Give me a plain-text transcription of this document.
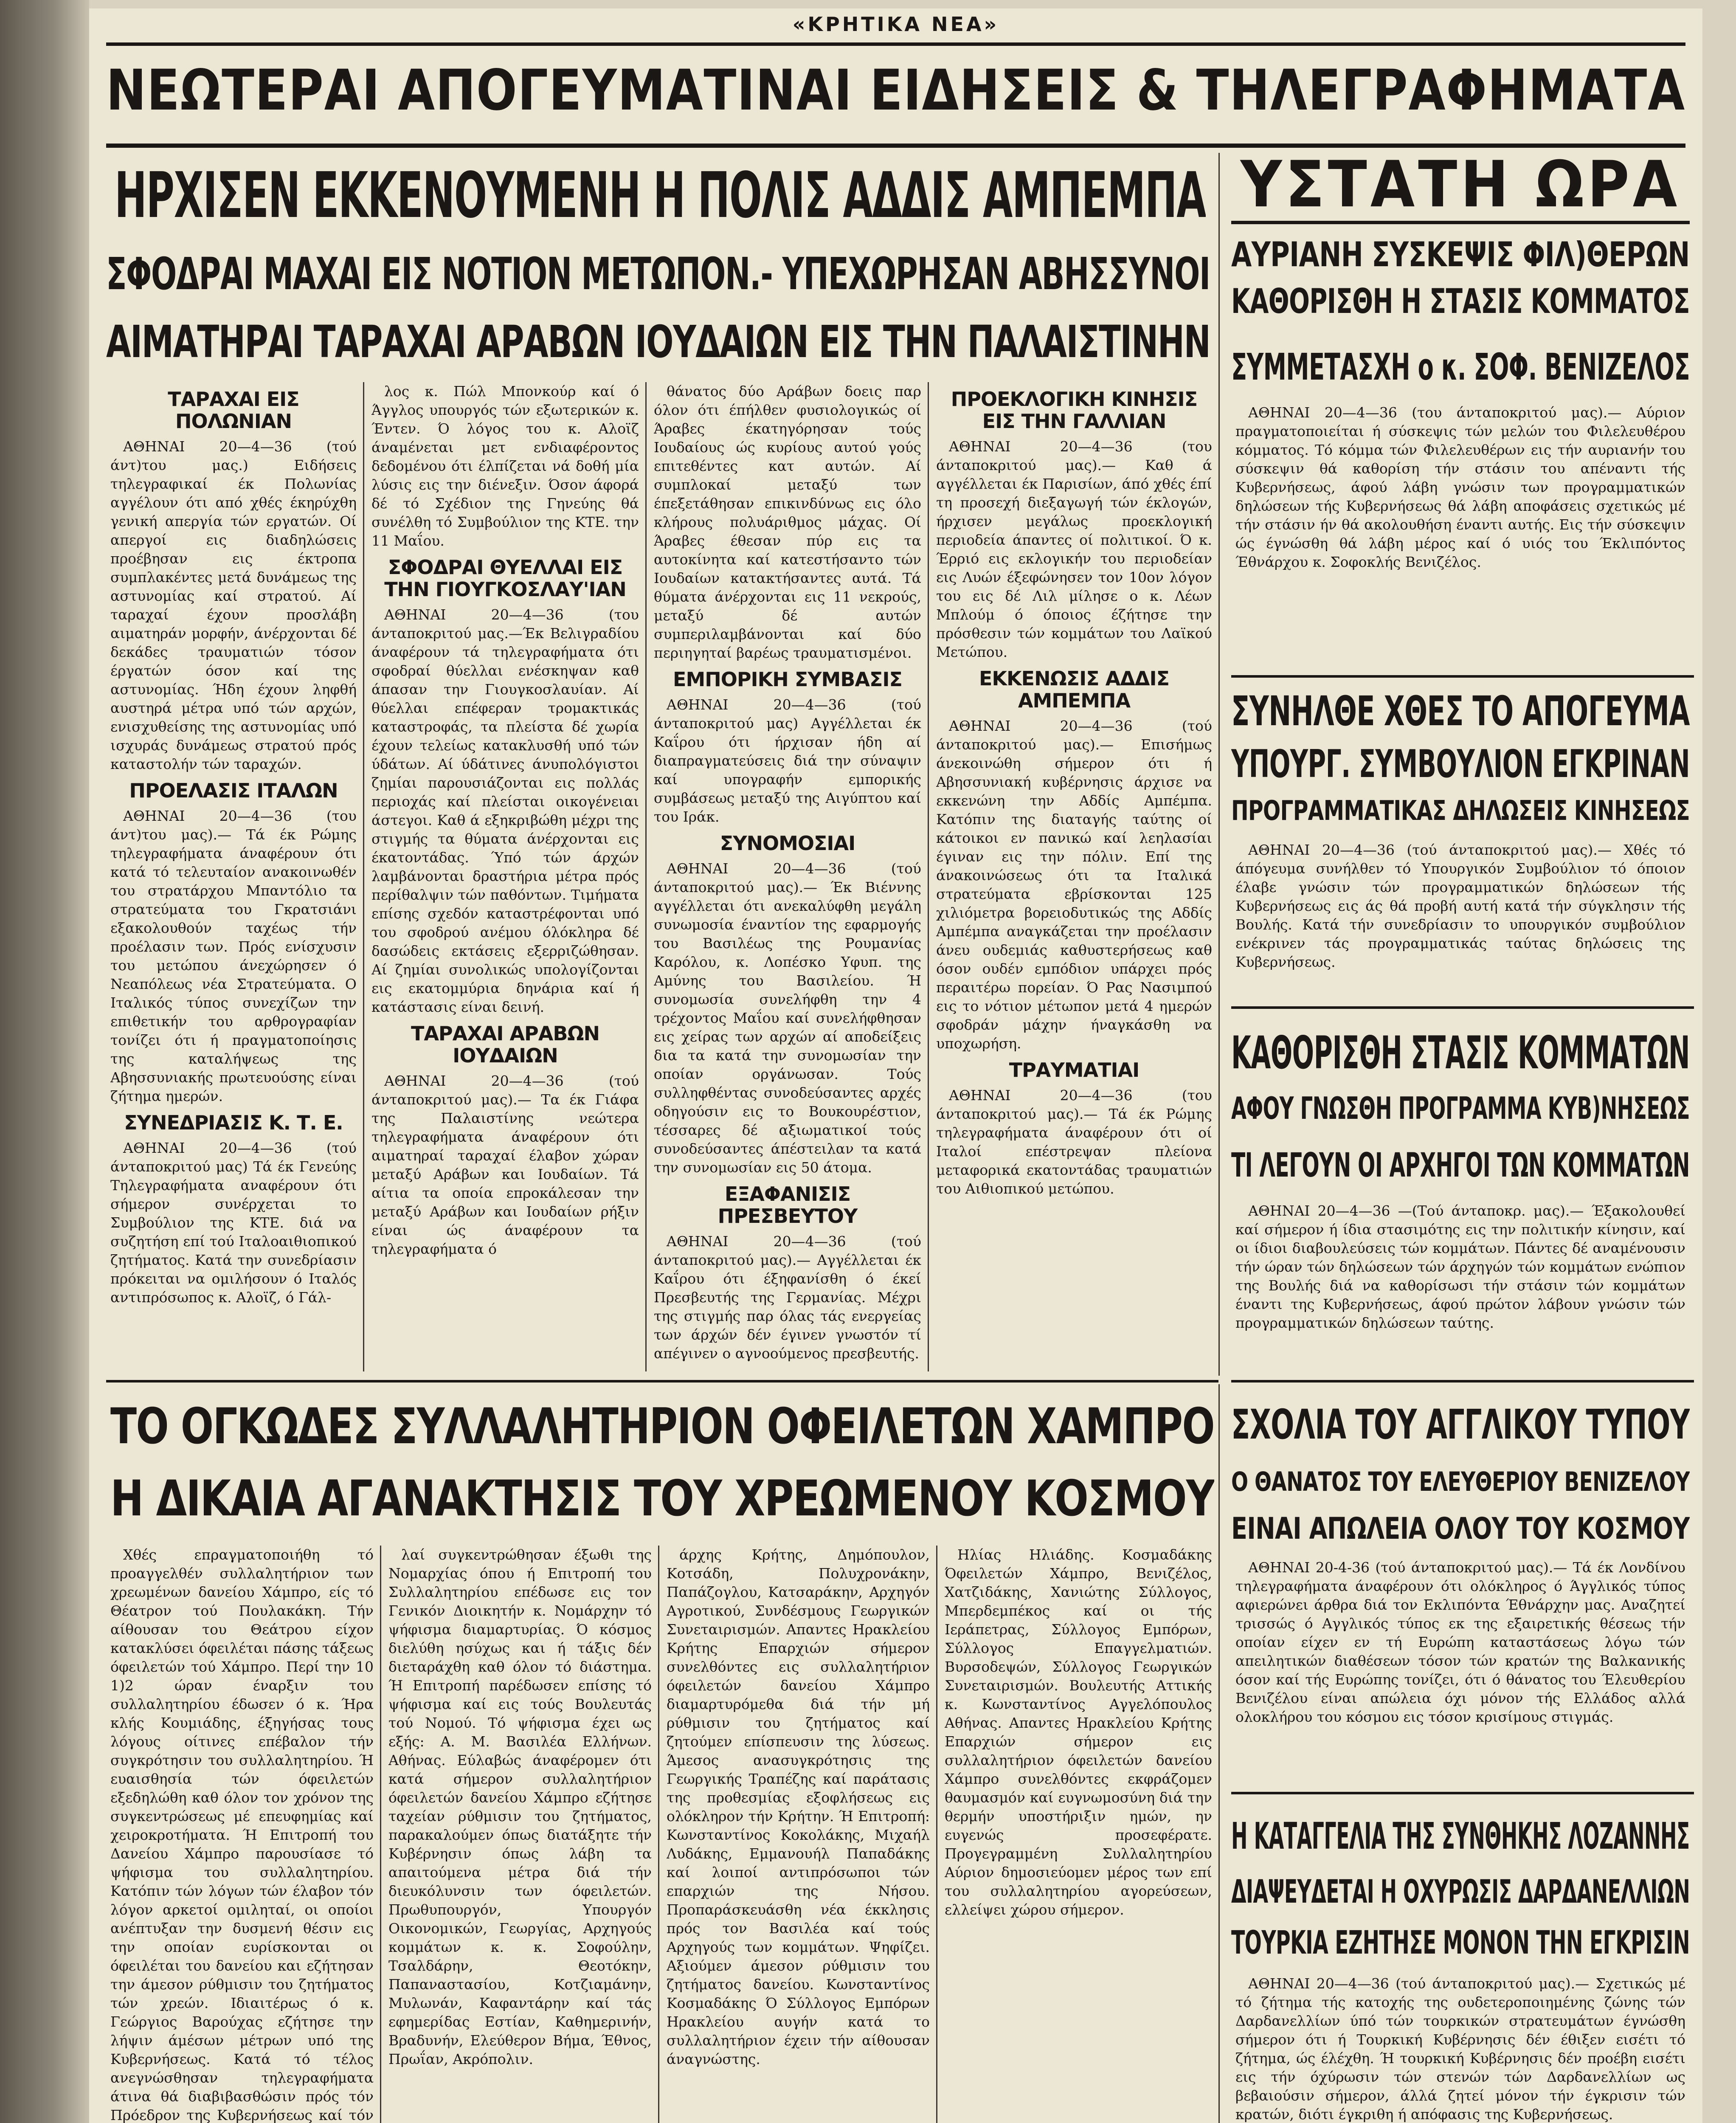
«ΚΡΗΤΙΚΑ ΝΕΑ»
ΝΕΩΤΕΡΑΙ ΑΠΟΓΕΥΜΑΤΙΝΑΙ ΕΙΔΗΣΕΙΣ & ΤΗΛΕΓΡΑΦΗΜΑΤΑ
ΗΡΧΙΣΕΝ ΕΚΚΕΝΟΥΜΕΝΗ Η ΠΟΛΙΣ ΑΔΔΙΣ ΑΜΠΕΜΠΑ
ΣΦΟΔΡΑΙ ΜΑΧΑΙ ΕΙΣ ΝΟΤΙΟΝ ΜΕΤΩΠΟΝ.- ΥΠΕΧΩΡΗΣΑΝ ΑΒΗΣΣΥΝΟΙ
ΑΙΜΑΤΗΡΑΙ ΤΑΡΑΧΑΙ ΑΡΑΒΩΝ ΙΟΥΔΑΙΩΝ ΕΙΣ ΤΗΝ ΠΑΛΑΙΣΤΙΝΗΝ
ΥΣΤΑΤΗ ΩΡΑ
ΑΥΡΙΑΝΗ ΣΥΣΚΕΨΙΣ ΦΙΛ)ΘΕΡΩΝ
ΚΑΘΟΡΙΣΘΗ Η ΣΤΑΣΙΣ ΚΟΜΜΑΤΟΣ
ΣΥΜΜΕΤΑΣΧΗ ο κ. ΣΟΦ. ΒΕΝΙΖΕΛΟΣ

ΑΘΗΝΑΙ 20—4—36 (του άνταποκριτού μας).— Αύριον πραγματοποιείται ή σύσκεψις τών μελών του Φιλελευθέρου κόμματος. Τό κόμμα τών Φιλελευθέρων εις τήν αυριανήν του σύσκεψιν θά καθορίση τήν στάσιν του απέναντι τής Κυβερνήσεως, άφού λάβη γνώσιν των προγραμματικών δηλώσεων τής Κυβερνήσεως θά λάβη αποφάσεις σχετικώς μέ τήν στάσιν ήν θά ακολουθήση έναντι αυτής. Εις τήν σύσκεψιν ώς έγνώσθη θά λάβη μέρος καί ό υιός του Έκλιπόντος Έθνάρχου κ. Σοφοκλής Βενιζέλος.

ΣΥΝΗΛΘΕ ΧΘΕΣ ΤΟ ΑΠΟΓΕΥΜΑ
ΥΠΟΥΡΓ. ΣΥΜΒΟΥΛΙΟΝ ΕΓΚΡΙΝΑΝ
ΠΡΟΓΡΑΜΜΑΤΙΚΑΣ ΔΗΛΩΣΕΙΣ ΚΙΝΗΣΕΩΣ

ΑΘΗΝΑΙ 20—4—36 (τού άνταποκριτού μας).— Χθές τό άπόγευμα συνήλθεν τό Υπουργικόν Συμβούλιον τό όποιον έλαβε γνώσιν τών προγραμματικών δηλώσεων τής Κυβερνήσεως εις άς θά προβή αυτή κατά τήν σύγκλησιν τής Βουλής. Κατά τήν συνεδρίασιν το υπουργικόν συμβούλιον ενέκρινεν τάς προγραμματικάς ταύτας δηλώσεις της Κυβερνήσεως.

ΚΑΘΟΡΙΣΘΗ ΣΤΑΣΙΣ ΚΟΜΜΑΤΩΝ
ΑΦΟΥ ΓΝΩΣΘΗ ΠΡΟΓΡΑΜΜΑ ΚΥΒ)ΝΗΣΕΩΣ
ΤΙ ΛΕΓΟΥΝ ΟΙ ΑΡΧΗΓΟΙ ΤΩΝ ΚΟΜΜΑΤΩΝ

ΑΘΗΝΑΙ 20—4—36 —(Τού άνταποκρ. μας).— Έξακολουθεί καί σήμερον ή ίδια στασιμότης εις την πολιτικήν κίνησιν, καί οι ίδιοι διαβουλεύσεις τών κομμάτων. Πάντες δέ αναμένουσιν τήν ώραν τών δηλώσεων τών άρχηγών τών κομμάτων ενώπιον της Βουλής διά να καθορίσωσι τήν στάσιν τών κομμάτων έναντι της Κυβερνήσεως, άφού πρώτον λάβουν γνώσιν τών προγραμματικών δηλώσεων ταύτης.

ΣΧΟΛΙΑ ΤΟΥ ΑΓΓΛΙΚΟΥ ΤΥΠΟΥ
Ο ΘΑΝΑΤΟΣ ΤΟΥ ΕΛΕΥΘΕΡΙΟΥ ΒΕΝΙΖΕΛΟΥ
ΕΙΝΑΙ ΑΠΩΛΕΙΑ ΟΛΟΥ ΤΟΥ ΚΟΣΜΟΥ

ΑΘΗΝΑΙ 20-4-36 (τού άνταποκριτού μας).— Τά έκ Λονδίνου τηλεγραφήματα άναφέρουν ότι ολόκληρος ό Άγγλικός τύπος αφιερώνει άρθρα διά τον Εκλιπόντα Έθνάρχην μας. Αναζητεί τρισσώς ό Αγγλικός τύπος εκ της εξαιρετικής θέσεως τήν οποίαν είχεν εν τή Ευρώπη καταστάσεως λόγω τών απειλητικών διαθέσεων τόσον τών κρατών της Βαλκανικής όσον καί τής Ευρώπης τονίζει, ότι ό θάνατος του Έλευθερίου Βενιζέλου είναι απώλεια όχι μόνον τής Ελλάδος αλλά ολοκλήρου του κόσμου εις τόσον κρισίμους στιγμάς.

Η ΚΑΤΑΓΓΕΛΙΑ ΤΗΣ ΣΥΝΘΗΚΗΣ ΛΟΖΑΝΝΗΣ
ΔΙΑΨΕΥΔΕΤΑΙ Η ΟΧΥΡΩΣΙΣ ΔΑΡΔΑΝΕΛΛΙΩΝ
ΤΟΥΡΚΙΑ ΕΖΗΤΗΣΕ ΜΟΝΟΝ ΤΗΝ ΕΓΚΡΙΣΙΝ

ΑΘΗΝΑΙ 20—4—36 (τού άνταποκριτού μας).— Σχετικώς μέ τό ζήτημα τής κατοχής της ουδετεροποιημένης ζώνης τών Δαρδανελλίων ύπό τών τουρκικών στρατευμάτων έγνώσθη σήμερον ότι ή Τουρκική Κυβέρνησις δέν έθιξεν εισέτι τό ζήτημα, ώς έλέχθη. Ή τουρκική Κυβέρνησις δέν προέβη εισέτι εις τήν όχύρωσιν τών στενών τών Δαρδανελλίων ως βεβαιούσιν σήμερον, άλλά ζητεί μόνον τήν έγκρισιν τών κρατών, διότι έγκριθη ή απόφασις της Κυβερνήσεως.

ΤΑΡΑΧΑΙ ΕΙΣ ΠΟΛΩΝΙΑΝ

ΑΘΗΝΑΙ 20—4—36 (τού άντ)του μας.) Ειδήσεις τηλεγραφικαί έκ Πολωνίας αγγέλουν ότι από χθές έκηρύχθη γενική απεργία τών εργατών. Οί απεργοί εις διαδηλώσεις προέβησαν εις έκτροπα συμπλακέντες μετά δυνάμεως της αστυνομίας καί στρατού. Αί ταραχαί έχουν προσλάβη αιματηράν μορφήν, άνέρχονται δέ δεκάδες τραυματιών τόσον έργατών όσον καί της αστυνομίας. Ήδη έχουν ληφθή αυστηρά μέτρα υπό τών αρχών, ενισχυθείσης της αστυνομίας υπό ισχυράς δυνάμεως στρατού πρός καταστολήν τών ταραχών.

ΠΡΟΕΛΑΣΙΣ ΙΤΑΛΩΝ

ΑΘΗΝΑΙ 20—4—36 (του άντ)του μας).— Τά έκ Ρώμης τηλεγραφήματα άναφέρουν ότι κατά τό τελευταίον ανακοινωθέν του στρατάρχου Μπαντόλιο τα στρατεύματα του Γκρατσιάνι εξακολουθούν ταχέως τήν προέλασιν των. Πρός ενίσχυσιν του μετώπου άνεχώρησεν ό Νεαπόλεως νέα Στρατεύματα. Ο Ιταλικός τύπος συνεχίζων την επιθετικήν του αρθρογραφίαν τονίζει ότι ή πραγματοποίησις της καταλήψεως της Αβησσυνιακής πρωτευούσης είναι ζήτημα ημερών.

ΣΥΝΕΔΡΙΑΣΙΣ Κ. Τ. Ε.

ΑΘΗΝΑΙ 20—4—36 (τού άνταποκριτού μας) Τά έκ Γενεύης Τηλεγραφήματα αναφέρουν ότι σήμερον συνέρχεται το Συμβούλιον της ΚΤΕ. διά να συζητήση επί τού Ιταλοαιθιοπικού ζητήματος. Κατά την συνεδρίασιν πρόκειται να ομιλήσουν ό Ιταλός αντιπρόσωπος κ. Αλοϊζ, ό Γάλ-

λος κ. Πώλ Μπονκούρ καί ό Άγγλος υπουργός τών εξωτερικών κ. Έντεν. Ό λόγος του κ. Αλοϊζ άναμένεται μετ ενδιαφέροντος δεδομένου ότι έλπίζεται νά δοθή μία λύσις εις την διένεξιν. Όσον άφορά δέ τό Σχέδιον της Γηνεύης θά συνέλθη τό Συμβούλιον της ΚΤΕ. την 11 Μαΐου.

ΣΦΟΔΡΑΙ ΘΥΕΛΛΑΙ ΕΙΣ ΤΗΝ ΓΙΟΥΓΚΟΣΛΑΥ'ΙΑΝ

ΑΘΗΝΑΙ 20—4—36 (του άνταποκριτού μας.—Έκ Βελιγραδίου άναφέρουν τά τηλεγραφήματα ότι σφοδραί θύελλαι ενέσκηψαν καθ άπασαν την Γιουγκοσλαυίαν. Αί θύελλαι επέφεραν τρομακτικάς καταστροφάς, τα πλείστα δέ χωρία έχουν τελείως κατακλυσθή υπό τών ύδάτων. Αί ύδάτινες άνυπολόγιστοι ζημίαι παρουσιάζονται εις πολλάς περιοχάς καί πλείσται οικογένειαι άστεγοι. Καθ ά εξηκριβώθη μέχρι της στιγμής τα θύματα άνέρχονται εις έκατοντάδας. Ύπό τών άρχών λαμβάνονται δραστήρια μέτρα πρός περίθαλψιν τών παθόντων. Τιμήματα επίσης σχεδόν καταστρέφονται υπό του σφοδρού ανέμου όλόκληρα δέ δασώδεις εκτάσεις εξερριζώθησαν. Αί ζημίαι συνολικώς υπολογίζονται εις εκατομμύρια δηνάρια καί ή κατάστασις είναι δεινή.

ΤΑΡΑΧΑΙ ΑΡΑΒΩΝ ΙΟΥΔΑΙΩΝ

ΑΘΗΝΑΙ 20—4—36 (τού άνταποκριτού μας).— Τα έκ Γιάφα της Παλαιστίνης νεώτερα τηλεγραφήματα άναφέρουν ότι αιματηραί ταραχαί έλαβον χώραν μεταξύ Αράβων και Ιουδαίων. Τά αίτια τα οποία επροκάλεσαν την μεταξύ Αράβων και Ιουδαίων ρήξιν είναι ώς άναφέρουν τα τηλεγραφήματα ό

θάνατος δύο Αράβων δοεις παρ όλον ότι έπήλθεν φυσιολογικώς οί Άραβες έκατηγόρησαν τούς Ιουδαίους ώς κυρίους αυτού γούς επιτεθέντες κατ αυτών. Αί συμπλοκαί μεταξύ των έπεξετάθησαν επικινδύνως εις όλο κλήρους πολυάριθμος μάχας. Οί Άραβες έθεσαν πύρ εις τα αυτοκίνητα καί κατεστήσαντο τών Ιουδαίων κατακτήσαντες αυτά. Τά θύματα άνέρχονται εις 11 νεκρούς, μεταξύ δέ αυτών συμπεριλαμβάνονται καί δύο περιηγηταί βαρέως τραυματισμένοι.

ΕΜΠΟΡΙΚΗ ΣΥΜΒΑΣΙΣ

ΑΘΗΝΑΙ 20—4—36 (τού άνταποκριτού μας) Αγγέλλεται έκ Καΐρου ότι ήρχισαν ήδη αί διαπραγματεύσεις διά την σύναψιν καί υπογραφήν εμπορικής συμβάσεως μεταξύ της Αιγύπτου καί του Ιράκ.

ΣΥΝΟΜΟΣΙΑΙ

ΑΘΗΝΑΙ 20—4—36 (τού άνταποκριτού μας).— Έκ Βιέννης αγγέλλεται ότι ανεκαλύφθη μεγάλη συνωμοσία έναντίον της εφαρμογής του Βασιλέως της Ρουμανίας Καρόλου, κ. Λοπέσκο Υφυπ. της Αμύνης του Βασιλείου. Ή συνομωσία συνελήφθη την 4 τρέχοντος Μαΐου καί συνελήφθησαν εις χείρας των αρχών αί αποδείξεις δια τα κατά την συνομωσίαν την οποίαν οργάνωσαν. Τούς συλληφθέντας συνοδεύσαντες αρχές οδηγούσιν εις το Βουκουρέστιον, τέσσαρες δέ αξιωματικοί τούς συνοδεύσαντες άπέστειλαν τα κατά την συνομωσίαν εις 50 άτομα.

ΕΞΑΦΑΝΙΣΙΣ ΠΡΕΣΒΕΥΤΟΥ

ΑΘΗΝΑΙ 20—4—36 (τού άνταποκριτού μας).— Αγγέλλεται έκ Καΐρου ότι έξηφανίσθη ό έκεί Πρεσβευτής της Γερμανίας. Μέχρι της στιγμής παρ όλας τάς ενεργείας των άρχών δέν έγινεν γνωστόν τί απέγινεν ο αγνοούμενος πρεσβευτής.

ΠΡΟΕΚΛΟΓΙΚΗ ΚΙΝΗΣΙΣ ΕΙΣ ΤΗΝ ΓΑΛΛΙΑΝ

ΑΘΗΝΑΙ 20—4—36 (του άνταποκριτού μας).— Καθ ά αγγέλλεται έκ Παρισίων, άπό χθές έπί τη προσεχή διεξαγωγή τών έκλογών, ήρχισεν μεγάλως προεκλογική περιοδεία άπαντες οί πολιτικοί. Ό κ. Έρριό εις εκλογικήν του περιοδείαν εις Λυών έξεφώνησεν τον 10ον λόγον του εις δέ Λιλ μίλησε ο κ. Λέων Μπλούμ ό όποιος έζήτησε την πρόσθεσιν τών κομμάτων του Λαϊκού Μετώπου.

ΕΚΚΕΝΩΣΙΣ ΑΔΔΙΣ ΑΜΠΕΜΠΑ

ΑΘΗΝΑΙ 20—4—36 (τού άνταποκριτού μας).— Επισήμως άνεκοινώθη σήμερον ότι ή Αβησσυνιακή κυβέρνησις άρχισε να εκκενώνη την Αδδίς Αμπέμπα. Κατόπιν της διαταγής ταύτης οί κάτοικοι εν πανικώ καί λεηλασίαι έγιναν εις την πόλιν. Επί της άνακοινώσεως ότι τα Ιταλικά στρατεύματα εβρίσκονται 125 χιλιόμετρα βορειοδυτικώς της Αδδίς Αμπέμπα αναγκάζεται την προέλασιν άνευ ουδεμιάς καθυστερήσεως καθ όσον ουδέν εμπόδιον υπάρχει πρός περαιτέρω πορείαν. Ό Ρας Νασιμπού εις το νότιον μέτωπον μετά 4 ημερών σφοδράν μάχην ήναγκάσθη να υποχωρήση.

ΤΡΑΥΜΑΤΙΑΙ

ΑΘΗΝΑΙ 20—4—36 (του άνταποκριτού μας).— Τά έκ Ρώμης τηλεγραφήματα άναφέρουν ότι οί Ιταλοί επέστρεψαν πλείονα μεταφορικά εκατοντάδας τραυματιών του Αιθιοπικού μετώπου.

ΤΟ ΟΓΚΩΔΕΣ ΣΥΛΛΑΛΗΤΗΡΙΟΝ ΟΦΕΙΛΕΤΩΝ ΧΑΜΠΡΟ
Η ΔΙΚΑΙΑ ΑΓΑΝΑΚΤΗΣΙΣ ΤΟΥ ΧΡΕΩΜΕΝΟΥ ΚΟΣΜΟΥ

Χθές επραγματοποιήθη τό προαγγελθέν συλλαλητήριον των χρεωμένων δανείου Χάμπρο, είς τό Θέατρον τού Πουλακάκη. Τήν αίθουσαν του Θεάτρου είχον κατακλύσει όφειλέται πάσης τάξεως όφειλετών τού Χάμπρο. Περί την 10 1)2 ώραν έναρξιν του συλλαλητηρίου έδωσεν ό κ. Ήρα κλής Κουμιάδης, έξηγήσας τους λόγους οίτινες επέβαλον τήν συγκρότησιν του συλλαλητηρίου. Ή ευαισθησία τών όφειλετών εξεδηλώθη καθ όλον τον χρόνον της συγκεντρώσεως μέ επευφημίας καί χειροκροτήματα. Ή Επιτροπή του Δανείου Χάμπρο παρουσίασε τό ψήφισμα του συλλαλητηρίου. Κατόπιν τών λόγων τών έλαβον τόν λόγον αρκετοί ομιληταί, οι οποίοι ανέπτυξαν την δυσμενή θέσιν εις την οποίαν ευρίσκονται οι όφειλέται του δανείου και εζήτησαν την άμεσον ρύθμισιν του ζητήματος τών χρεών. Ιδιαιτέρως ό κ. Γεώργιος Βαρούχας εζήτησε την λήψιν άμέσων μέτρων υπό της Κυβερνήσεως. Κατά τό τέλος ανεγνώσθησαν τηλεγραφήματα άτινα θά διαβιβασθώσιν πρός τόν Πρόεδρον της Κυβερνήσεως καί τόν

λαί συγκεντρώθησαν έξωθι της Νομαρχίας όπου ή Επιτροπή του Συλλαλητηρίου επέδωσε εις τον Γενικόν Διοικητήν κ. Νομάρχην τό ψήφισμα διαμαρτυρίας. Ό κόσμος διελύθη ησύχως και ή τάξις δέν διεταράχθη καθ όλον τό διάστημα. Ή Επιτροπή παρέδωσεν επίσης τό ψήφισμα καί εις τούς Βουλευτάς τού Νομού. Τό ψήφισμα έχει ως εξής: Α. Μ. Βασιλέα Ελλήνων. Αθήνας. Εύλαβώς άναφέρομεν ότι κατά σήμερον συλλαλητήριον όφειλετών δανείου Χάμπρο εζήτησε ταχείαν ρύθμισιν του ζητήματος, παρακαλούμεν όπως διατάξητε τήν Κυβέρνησιν όπως λάβη τα απαιτούμενα μέτρα διά τήν διευκόλυνσιν των όφειλετών. Πρωθυπουργόν, Υπουργόν Οικονομικών, Γεωργίας, Αρχηγούς κομμάτων κ. κ. Σοφούλην, Τσαλδάρην, Θεοτόκην, Παπαναστασίου, Κοτζιαμάνην, Μυλωνάν, Καφαντάρην καί τάς εφημερίδας Εστίαν, Καθημερινήν, Βραδυνήν, Ελεύθερον Βήμα, Έθνος, Πρωΐαν, Ακρόπολιν.

άρχης Κρήτης, Δημόπουλον, Κοτσάδη, Πολυχρονάκην, Παπάζογλου, Κατσαράκην, Αρχηγόν Αγροτικού, Συνδέσμους Γεωργικών Συνεταιρισμών. Απαντες Ηρακλείου Κρήτης Επαρχιών σήμερον συνελθόντες εις συλλαλητήριον όφειλετών δανείου Χάμπρο διαμαρτυρόμεθα διά τήν μή ρύθμισιν του ζητήματος καί ζητούμεν επίσπευσιν της λύσεως. Άμεσος ανασυγκρότησις της Γεωργικής Τραπέζης καί παράτασις της προθεσμίας εξοφλήσεως εις ολόκληρον τήν Κρήτην. Ή Επιτροπή: Κωνσταντίνος Κοκολάκης, Μιχαήλ Λυδάκης, Εμμανουήλ Παπαδάκης καί λοιποί αντιπρόσωποι τών επαρχιών της Νήσου. Προπαράσκευάσθη νέα έκκλησις πρός τον Βασιλέα καί τούς Αρχηγούς των κομμάτων. Ψηφίζει. Αξιούμεν άμεσον ρύθμισιν του ζητήματος δανείου. Κωνσταντίνος Κοσμαδάκης Ό Σύλλογος Εμπόρων Ηρακλείου αυγήν κατά το συλλαλητήριον έχειν τήν αίθουσαν άναγνώστης.

Ηλίας Ηλιάδης. Κοσμαδάκης Όφειλετών Χάμπρο, Βενιζέλος, Χατζιδάκης, Χανιώτης Σύλλογος, Μπερδεμπέκος καί οι τής Ιεράπετρας, Σύλλογος Εμπόρων, Σύλλογος Επαγγελματιών. Βυρσοδεψών, Σύλλογος Γεωργικών Συνεταιρισμών. Βουλευτής Αττικής κ. Κωνσταντίνος Αγγελόπουλος Αθήνας. Απαντες Ηρακλείου Κρήτης Επαρχιών σήμερον εις συλλαλητήριον όφειλετών δανείου Χάμπρο συνελθόντες εκφράζομεν θαυμασμόν καί ευγνωμοσύνη διά την θερμήν υποστήριξιν ημών, ην ευγενώς προσεφέρατε. Προγεγραμμένη Συλλαλητηρίου Αύριον δημοσιεύομεν μέρος των επί του συλλαλητηρίου αγορεύσεων, ελλείψει χώρου σήμερον.
